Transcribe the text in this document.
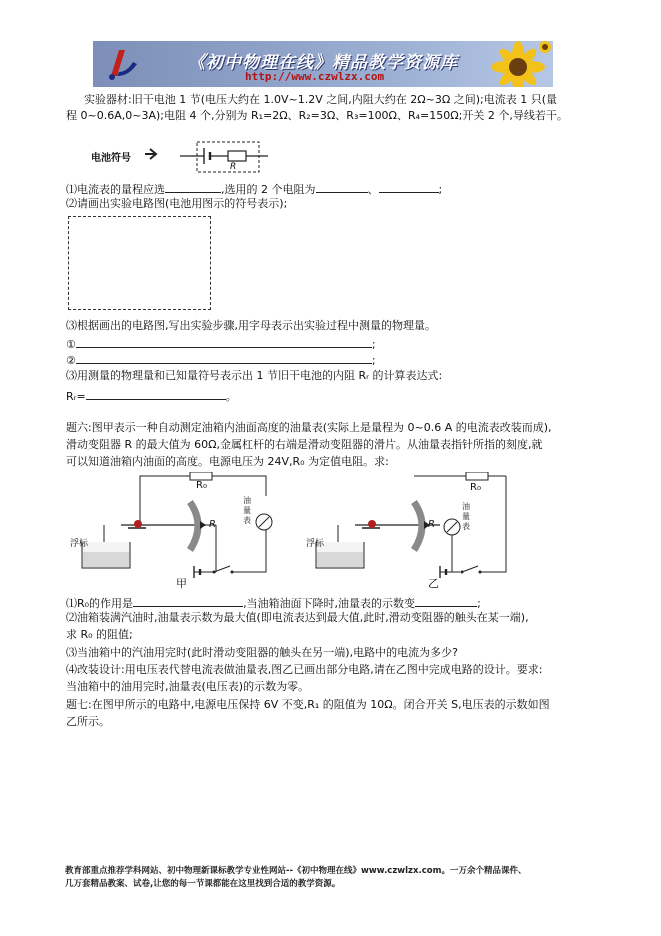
《初中物理在线》精品教学资源库
http://www.czwlzx.com
实验器材:旧干电池 1 节(电压大约在 1.0V~1.2V 之间,内阻大约在 2Ω~3Ω 之间);电流表 1 只(量
程 0~0.6A,0~3A);电阻 4 个,分别为 R₁=2Ω、R₂=3Ω、R₃=100Ω、R₄=150Ω;开关 2 个,导线若干。
电池符号
R
⑴电流表的量程应选	,选用的 2 个电阻为	、	;
⑵请画出实验电路图(电池用图示的符号表示);
⑶根据画出的电路图,写出实验步骤,用字母表示出实验过程中测量的物理量。
①	;
②	;
⑶用测量的物理量和已知量符号表示出 1 节旧干电池的内阻 Rᵣ 的计算表达式:
Rᵣ=	。
题六:图甲表示一种自动测定油箱内油面高度的油量表(实际上是量程为 0~0.6 A 的电流表改装而成),
滑动变阻器 R 的最大值为 60Ω,金属杠杆的右端是滑动变阻器的滑片。从油量表指针所指的刻度,就
可以知道油箱内油面的高度。电源电压为 24V,R₀ 为定值电阻。求:
R₀
R
浮标
油量表
甲
R₀
R
浮标
油量表
乙
⑴R₀的作用是	,当油箱油面下降时,油量表的示数变	;
⑵油箱装满汽油时,油量表示数为最大值(即电流表达到最大值,此时,滑动变阻器的触头在某一端),
求 R₀ 的阻值;
⑶当油箱中的汽油用完时(此时滑动变阻器的触头在另一端),电路中的电流为多少?
⑷改装设计:用电压表代替电流表做油量表,图乙已画出部分电路,请在乙图中完成电路的设计。要求:
当油箱中的油用完时,油量表(电压表)的示数为零。
题七:在图甲所示的电路中,电源电压保持 6V 不变,R₁ 的阻值为 10Ω。闭合开关 S,电压表的示数如图
乙所示。
教育部重点推荐学科网站、初中物理新课标教学专业性网站--《初中物理在线》www.czwlzx.com。一万余个精品课件、
几万套精品教案、试卷,让您的每一节课都能在这里找到合适的教学资源。
